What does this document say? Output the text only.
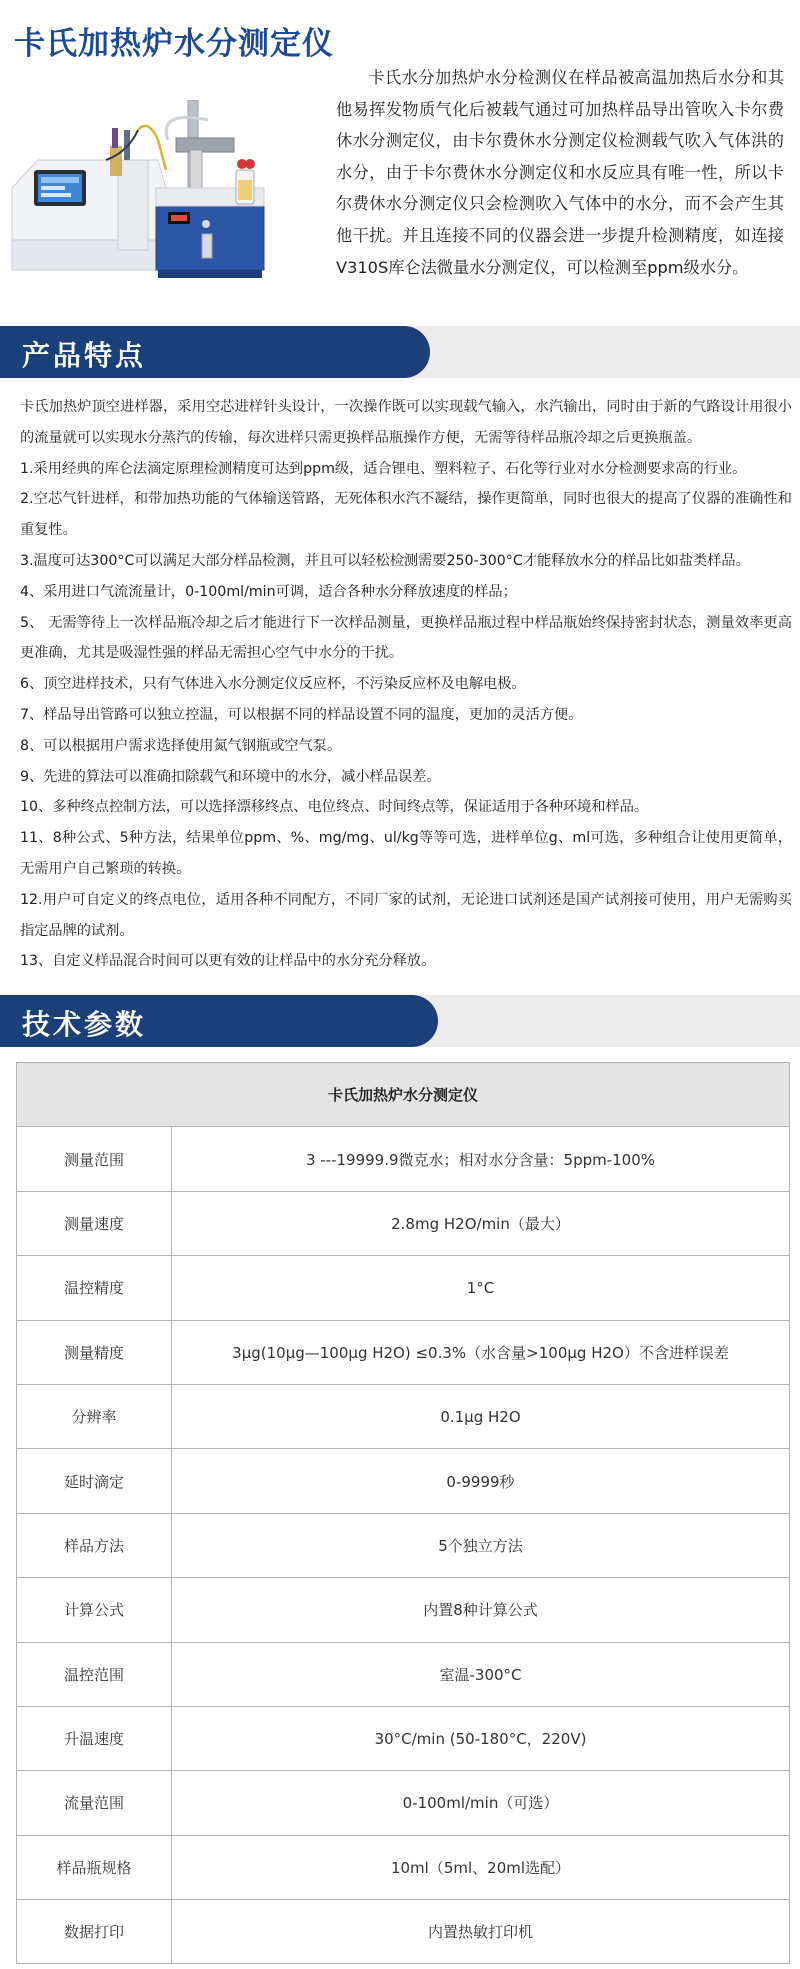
卡氏加热炉水分测定仪

卡氏水分加热炉水分检测仪在样品被高温加热后水分和其他易挥发物质气化后被载气通过可加热样品导出管吹入卡尔费休水分测定仪，由卡尔费休水分测定仪检测载气吹入气体洪的水分，由于卡尔费休水分测定仪和水反应具有唯一性，所以卡尔费休水分测定仪只会检测吹入气体中的水分，而不会产生其他干扰。并且连接不同的仪器会进一步提升检测精度，如连接V310S库仑法微量水分测定仪，可以检测至ppm级水分。

产品特点

卡氏加热炉顶空进样器，采用空芯进样针头设计，一次操作既可以实现载气输入，水汽输出，同时由于新的气路设计用很小的流量就可以实现水分蒸汽的传输，每次进样只需更换样品瓶操作方便，无需等待样品瓶冷却之后更换瓶盖。

1.采用经典的库仑法滴定原理检测精度可达到ppm级，适合锂电、塑料粒子、石化等行业对水分检测要求高的行业。

2.空芯气针进样，和带加热功能的气体输送管路，无死体积水汽不凝结，操作更简单，同时也很大的提高了仪器的准确性和重复性。

3.温度可达300°C可以满足大部分样品检测，并且可以轻松检测需要250-300°C才能释放水分的样品比如盐类样品。

4、采用进口气流流量计，0-100ml/min可调，适合各种水分释放速度的样品；

5、 无需等待上一次样品瓶冷却之后才能进行下一次样品测量，更换样品瓶过程中样品瓶始终保持密封状态，测量效率更高更准确，尤其是吸湿性强的样品无需担心空气中水分的干扰。

6、顶空进样技术，只有气体进入水分测定仪反应杯，不污染反应杯及电解电极。

7、样品导出管路可以独立控温，可以根据不同的样品设置不同的温度，更加的灵活方便。

8、可以根据用户需求选择使用氮气钢瓶或空气泵。

9、先进的算法可以准确扣除载气和环境中的水分，减小样品误差。

10、多种终点控制方法，可以选择漂移终点、电位终点、时间终点等，保证适用于各种环境和样品。

11、8种公式、5种方法，结果单位ppm、%、mg/mg、ul/kg等等可选，进样单位g、ml可选，多种组合让使用更简单，无需用户自己繁琐的转换。

12.用户可自定义的终点电位，适用各种不同配方，不同厂家的试剂，无论进口试剂还是国产试剂接可使用，用户无需购买指定品牌的试剂。

13、自定义样品混合时间可以更有效的让样品中的水分充分释放。

技术参数
卡氏加热炉水分测定仪	
测量范围	3 ---19999.9微克水；相对水分含量：5ppm-100%
测量速度	2.8mg H2O/min（最大）
温控精度	1°C
测量精度	3μg(10μg—100μg H2O) ≤0.3%（水含量>100μg H2O）不含进样误差
分辨率	0.1μg H2O
延时滴定	0-9999秒
样品方法	5个独立方法
计算公式	内置8种计算公式
温控范围	室温-300°C
升温速度	30°C/min (50-180°C，220V)
流量范围	0-100ml/min（可选）
样品瓶规格	10ml（5ml、20ml选配）
数据打印	内置热敏打印机
